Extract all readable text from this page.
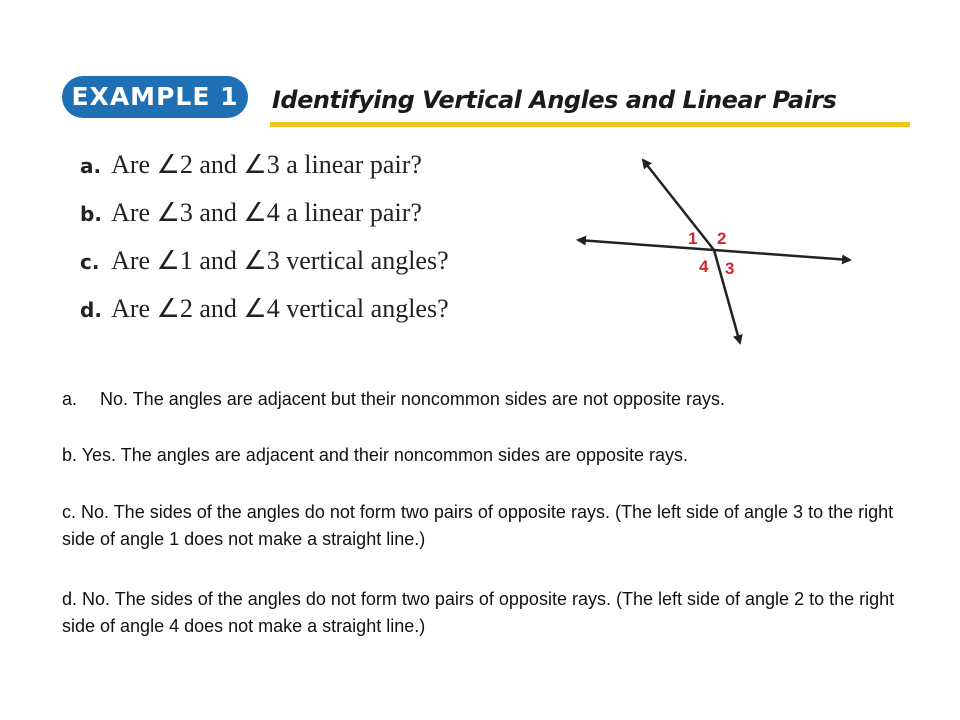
EXAMPLE 1	Identifying Vertical Angles and Linear Pairs
a. Are ∠2 and ∠3 a linear pair?
b. Are ∠3 and ∠4 a linear pair?
c. Are ∠1 and ∠3 vertical angles?
d. Are ∠2 and ∠4 vertical angles?
1 2
4 3
a. No. The angles are adjacent but their noncommon sides are not opposite rays.
b. Yes. The angles are adjacent and their noncommon sides are opposite rays.
c. No. The sides of the angles do not form two pairs of opposite rays. (The left side of angle 3 to the right side of angle 1 does not make a straight line.)
d. No. The sides of the angles do not form two pairs of opposite rays. (The left side of angle 2 to the right side of angle 4 does not make a straight line.)
